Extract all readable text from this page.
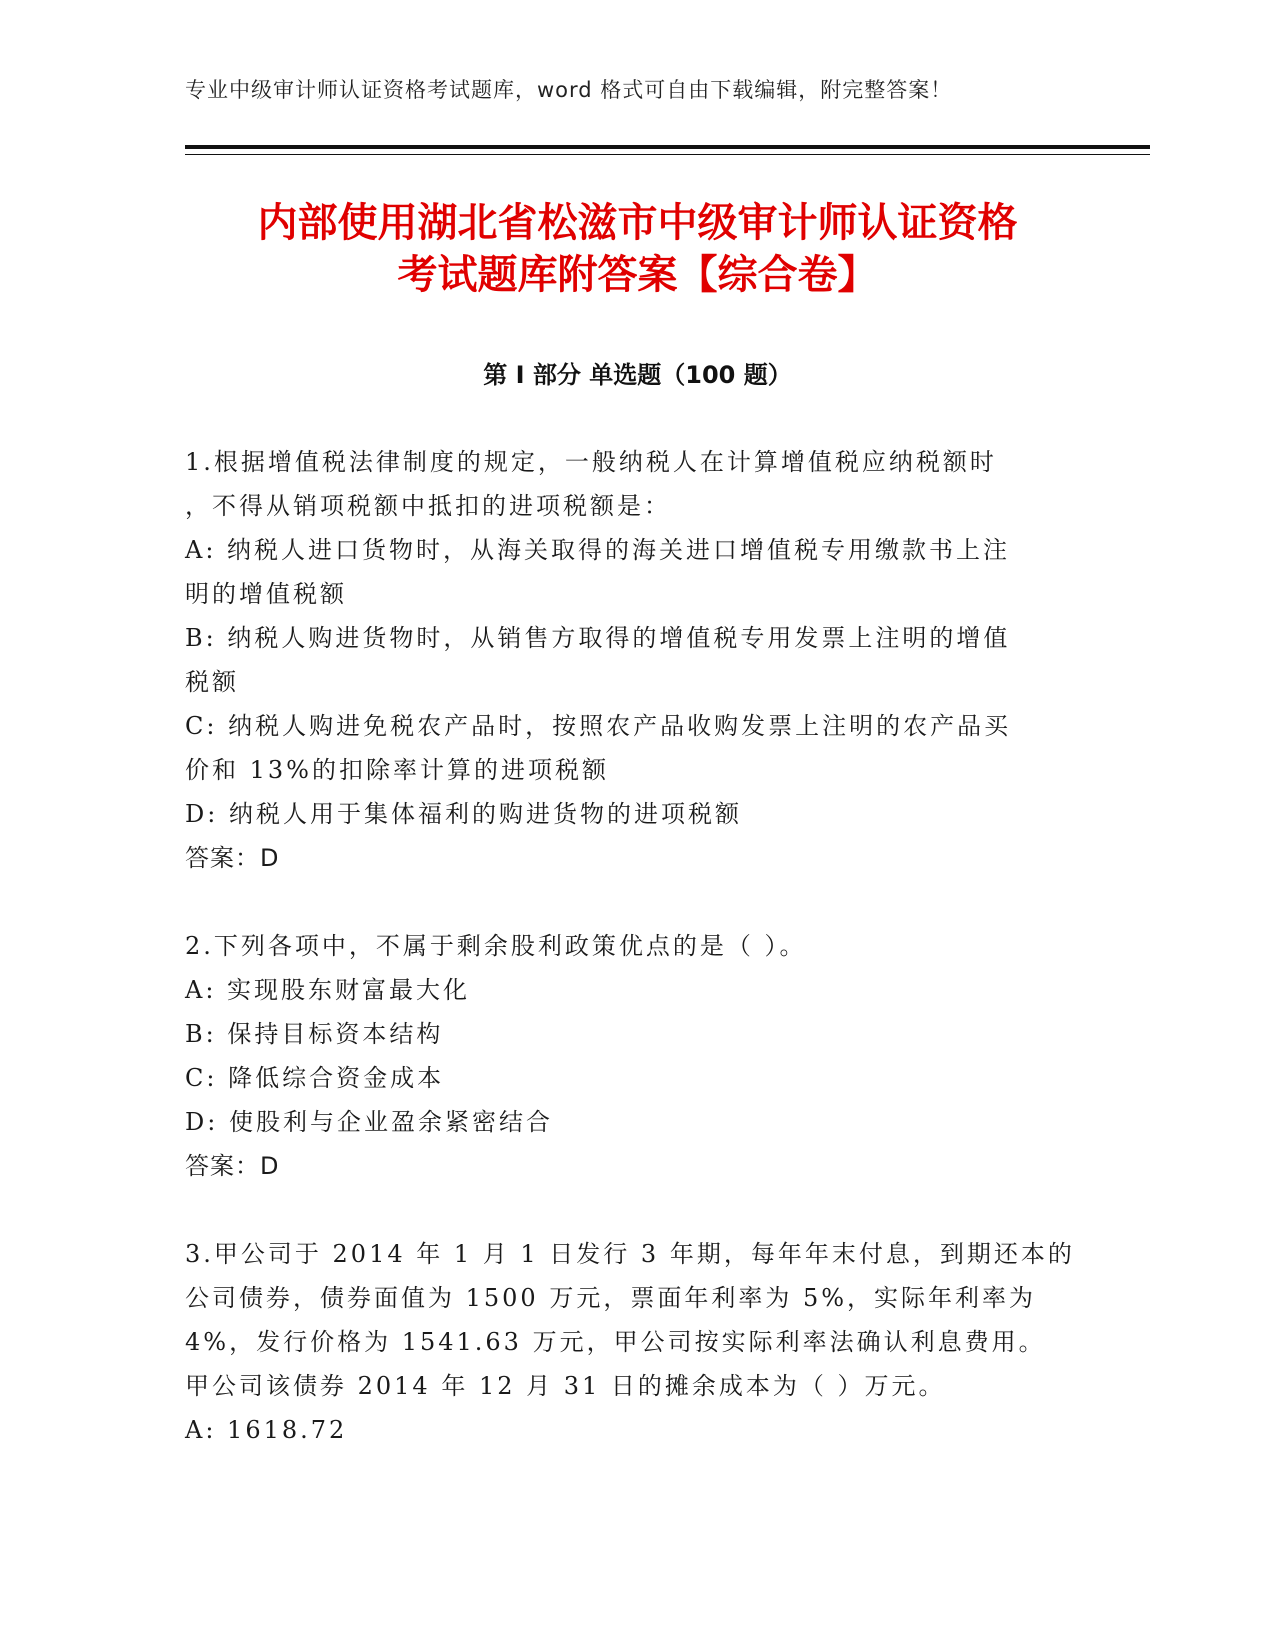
专业中级审计师认证资格考试题库，word 格式可自由下载编辑，附完整答案！
内部使用湖北省松滋市中级审计师认证资格
考试题库附答案【综合卷】
第 I 部分 单选题（100 题）
1.根据增值税法律制度的规定，一般纳税人在计算增值税应纳税额时
，不得从销项税额中抵扣的进项税额是：
A: 纳税人进口货物时，从海关取得的海关进口增值税专用缴款书上注
明的增值税额
B: 纳税人购进货物时，从销售方取得的增值税专用发票上注明的增值
税额
C: 纳税人购进免税农产品时，按照农产品收购发票上注明的农产品买
价和 13%的扣除率计算的进项税额
D: 纳税人用于集体福利的购进货物的进项税额
答案：D
2.下列各项中，不属于剩余股利政策优点的是（ ）。
A: 实现股东财富最大化
B: 保持目标资本结构
C: 降低综合资金成本
D: 使股利与企业盈余紧密结合
答案：D
3.甲公司于 2014 年 1 月 1 日发行 3 年期，每年年末付息，到期还本的
公司债券，债券面值为 1500 万元，票面年利率为 5%，实际年利率为
4%，发行价格为 1541.63 万元，甲公司按实际利率法确认利息费用。
甲公司该债券 2014 年 12 月 31 日的摊余成本为（ ）万元。
A: 1618.72
